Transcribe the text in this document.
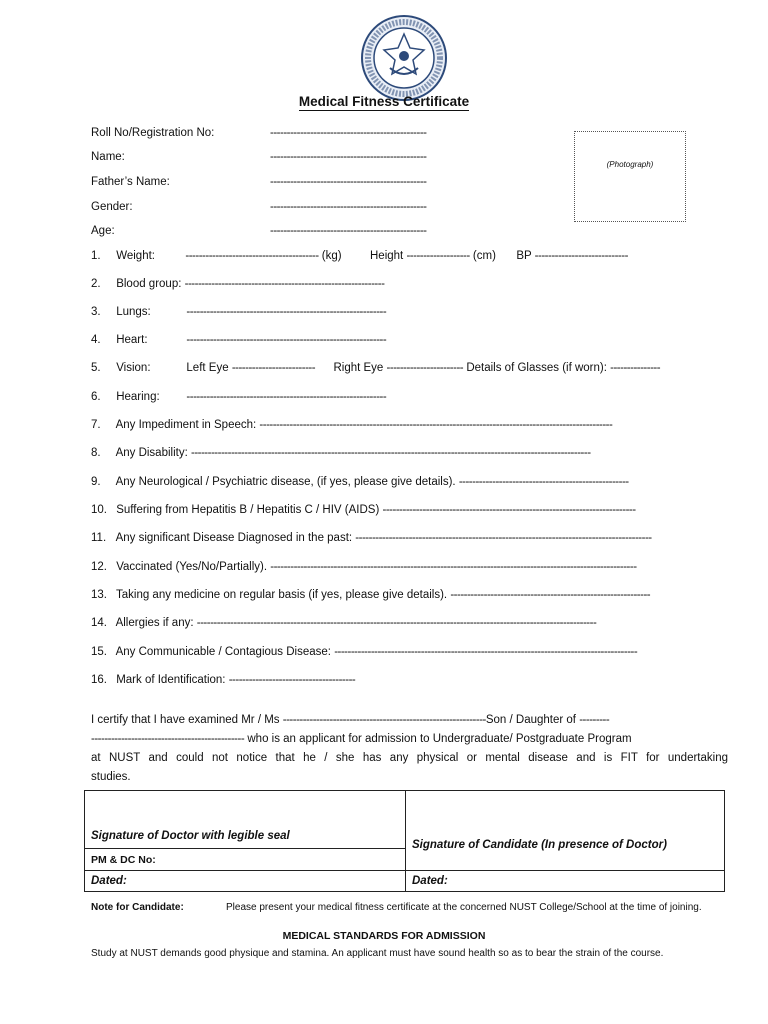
Medical Fitness Certificate
Roll No/Registration No:	-----------------------------------------------
Name:	-----------------------------------------------
Father’s Name:	-----------------------------------------------
Gender:	-----------------------------------------------
Age:	-----------------------------------------------
(Photograph)
1. Weight:	---------------------------------------- (kg) Height ------------------- (cm) BP ----------------------------
2. Blood group: ------------------------------------------------------------
3. Lungs:	------------------------------------------------------------
4. Heart:	------------------------------------------------------------
5. Vision:	Left Eye ------------------------- Right Eye ----------------------- Details of Glasses (if worn): ---------------
6. Hearing: ------------------------------------------------------------
7. Any Impediment in Speech: ----------------------------------------------------------------------------------------------------------
8. Any Disability: ------------------------------------------------------------------------------------------------------------------------
9. Any Neurological / Psychiatric disease, (if yes, please give details). ---------------------------------------------------
10. Suffering from Hepatitis B / Hepatitis C / HIV (AIDS) ----------------------------------------------------------------------------
11. Any significant Disease Diagnosed in the past: -----------------------------------------------------------------------------------------
12. Vaccinated (Yes/No/Partially). --------------------------------------------------------------------------------------------------------------
13. Taking any medicine on regular basis (if yes, please give details). ------------------------------------------------------------
14. Allergies if any: ------------------------------------------------------------------------------------------------------------------------
15. Any Communicable / Contagious Disease: -------------------------------------------------------------------------------------------
16. Mark of Identification: --------------------------------------
I certify that I have examined Mr / Ms -------------------------------------------------------------Son / Daughter of ---------
---------------------------------------------- who is an applicant for admission to Undergraduate/ Postgraduate Program
at NUST and could not notice that he / she has any physical or mental disease and is FIT for undertaking
studies.
Signature of Doctor with legible seal	Signature of Candidate (In presence of Doctor)
PM & DC No:	
Dated:	Dated:
Note for Candidate:	Please present your medical fitness certificate at the concerned NUST College/School at the time of joining.
MEDICAL STANDARDS FOR ADMISSION
Study at NUST demands good physique and stamina. An applicant must have sound health so as to bear the strain of the course.
